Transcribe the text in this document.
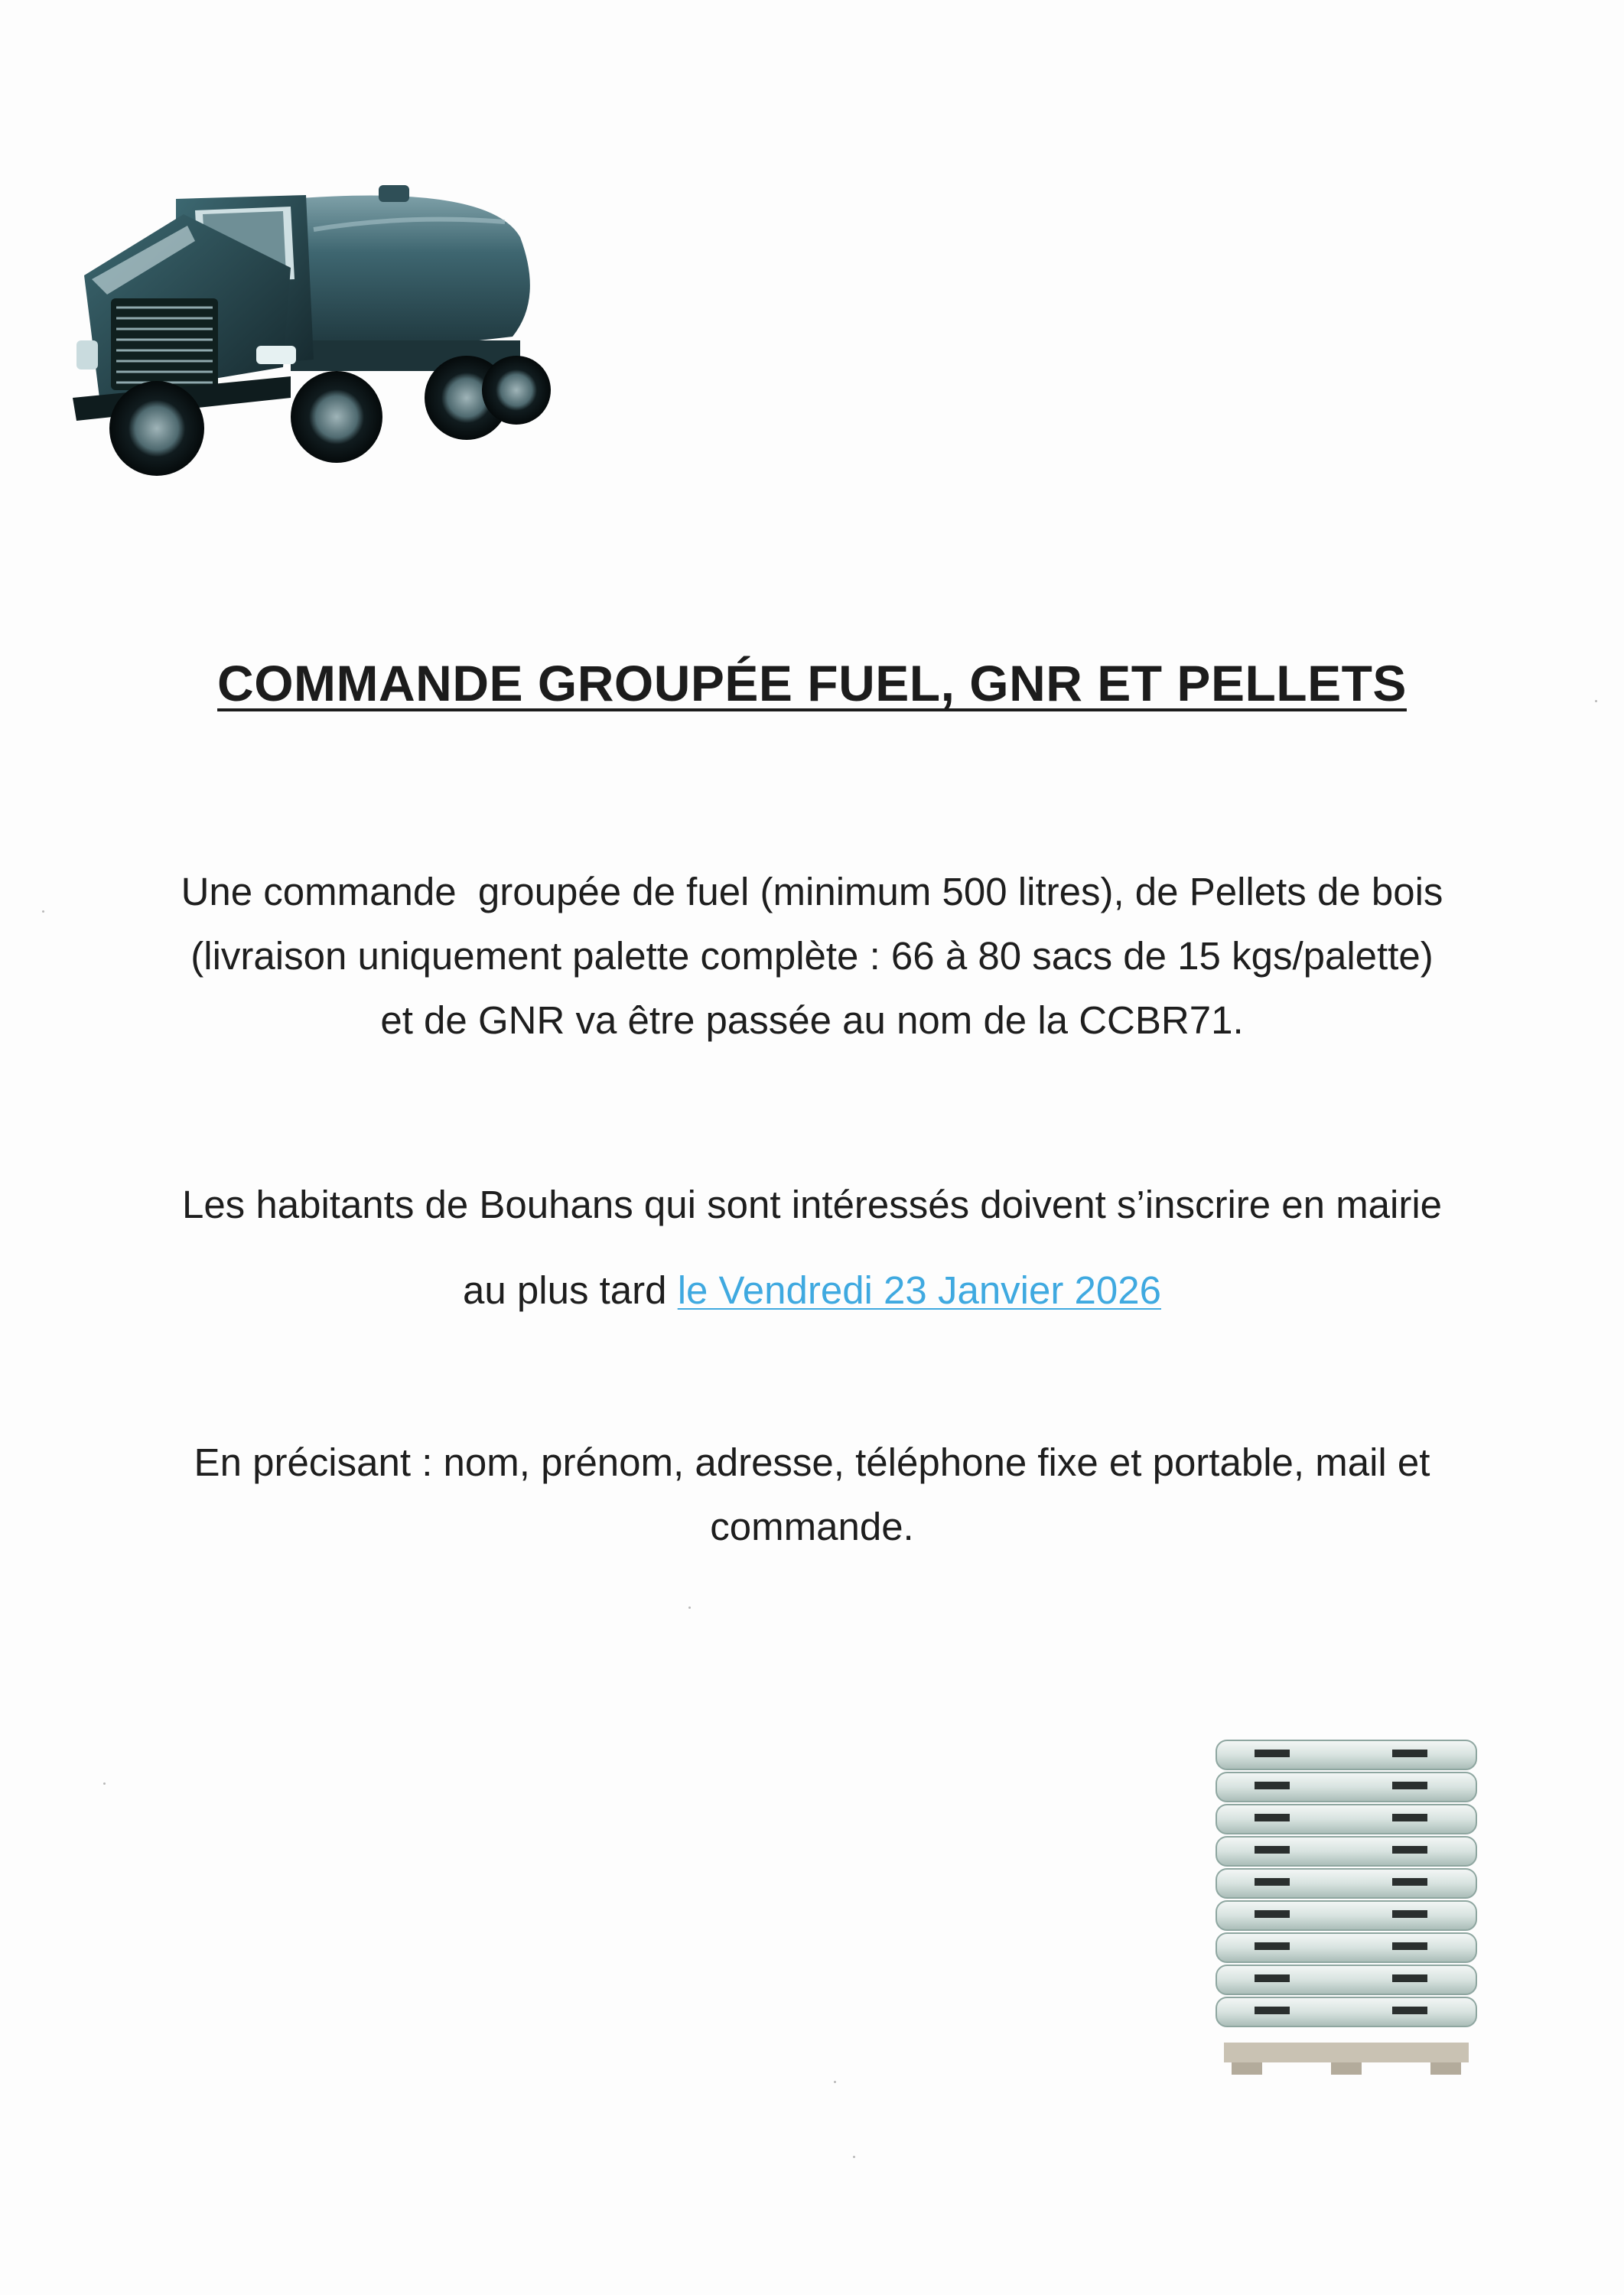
COMMANDE GROUPÉE FUEL, GNR ET PELLETS
Une commande  groupée de fuel (minimum 500 litres), de Pellets de bois
(livraison uniquement palette complète : 66 à 80 sacs de 15 kgs/palette)
et de GNR va être passée au nom de la CCBR71.
Les habitants de Bouhans qui sont intéressés doivent s’inscrire en mairie
au plus tard le Vendredi 23 Janvier 2026
En précisant : nom, prénom, adresse, téléphone fixe et portable, mail et
commande.
